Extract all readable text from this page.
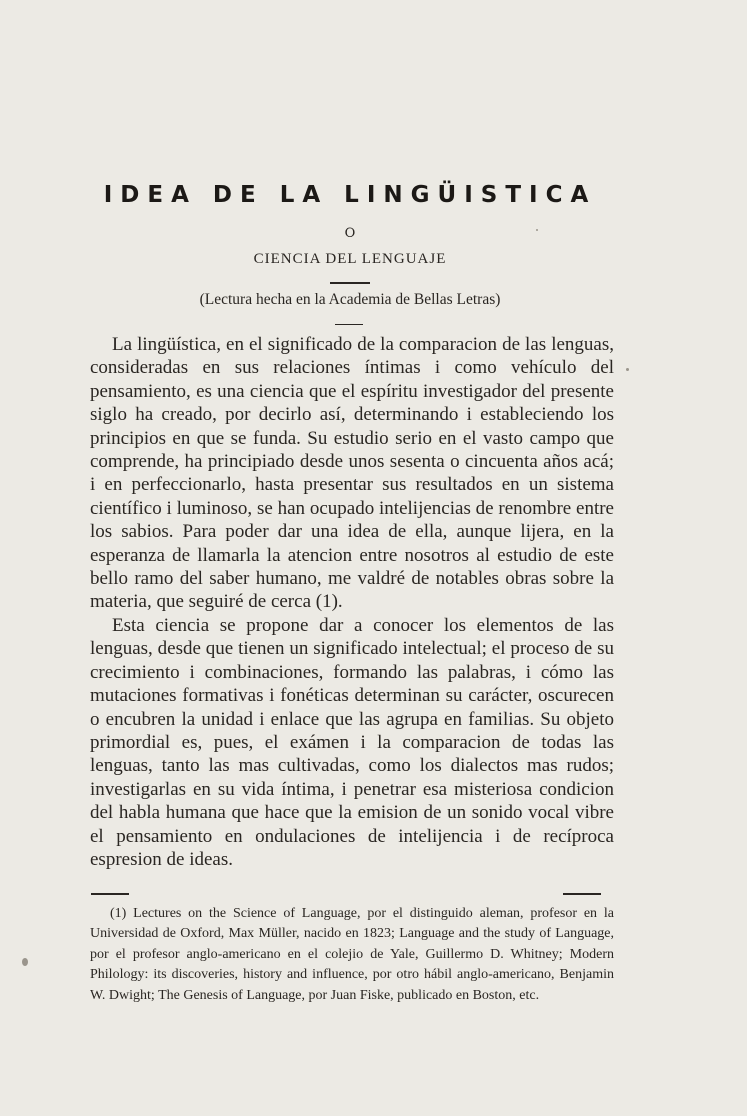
IDEA DE LA LINGÜISTICA
O
CIENCIA DEL LENGUAJE
(Lectura hecha en la Academia de Bellas Letras)

La lingüística, en el significado de la comparacion de las lenguas, consideradas en sus relaciones íntimas i como vehículo del pensamiento, es una ciencia que el espíritu investigador del presente siglo ha creado, por decirlo así, determinando i estableciendo los principios en que se funda. Su estudio serio en el vasto campo que comprende, ha principiado desde unos sesenta o cincuenta años acá; i en perfeccionarlo, hasta presentar sus resultados en un sistema científico i luminoso, se han ocupado intelijencias de renombre entre los sabios. Para poder dar una idea de ella, aunque lijera, en la esperanza de llamarla la atencion entre nosotros al estudio de este bello ramo del saber humano, me valdré de notables obras sobre la materia, que seguiré de cerca (1).

Esta ciencia se propone dar a conocer los elementos de las lenguas, desde que tienen un significado intelectual; el proceso de su crecimiento i combinaciones, formando las palabras, i cómo las mutaciones formativas i fonéticas determinan su carácter, oscurecen o encubren la unidad i enlace que las agrupa en familias. Su objeto primordial es, pues, el exámen i la comparacion de todas las lenguas, tanto las mas cultivadas, como los dialectos mas rudos; investigarlas en su vida íntima, i penetrar esa misteriosa condicion del habla humana que hace que la emision de un sonido vocal vibre el pensamiento en ondulaciones de intelijencia i de recíproca espresion de ideas.

(1) Lectures on the Science of Language, por el distinguido aleman, profesor en la Universidad de Oxford, Max Müller, nacido en 1823; Language and the study of Language, por el profesor anglo-americano en el colejio de Yale, Guillermo D. Whitney; Modern Philology: its discoveries, history and influence, por otro hábil anglo-americano, Benjamin W. Dwight; The Genesis of Language, por Juan Fiske, publicado en Boston, etc.
